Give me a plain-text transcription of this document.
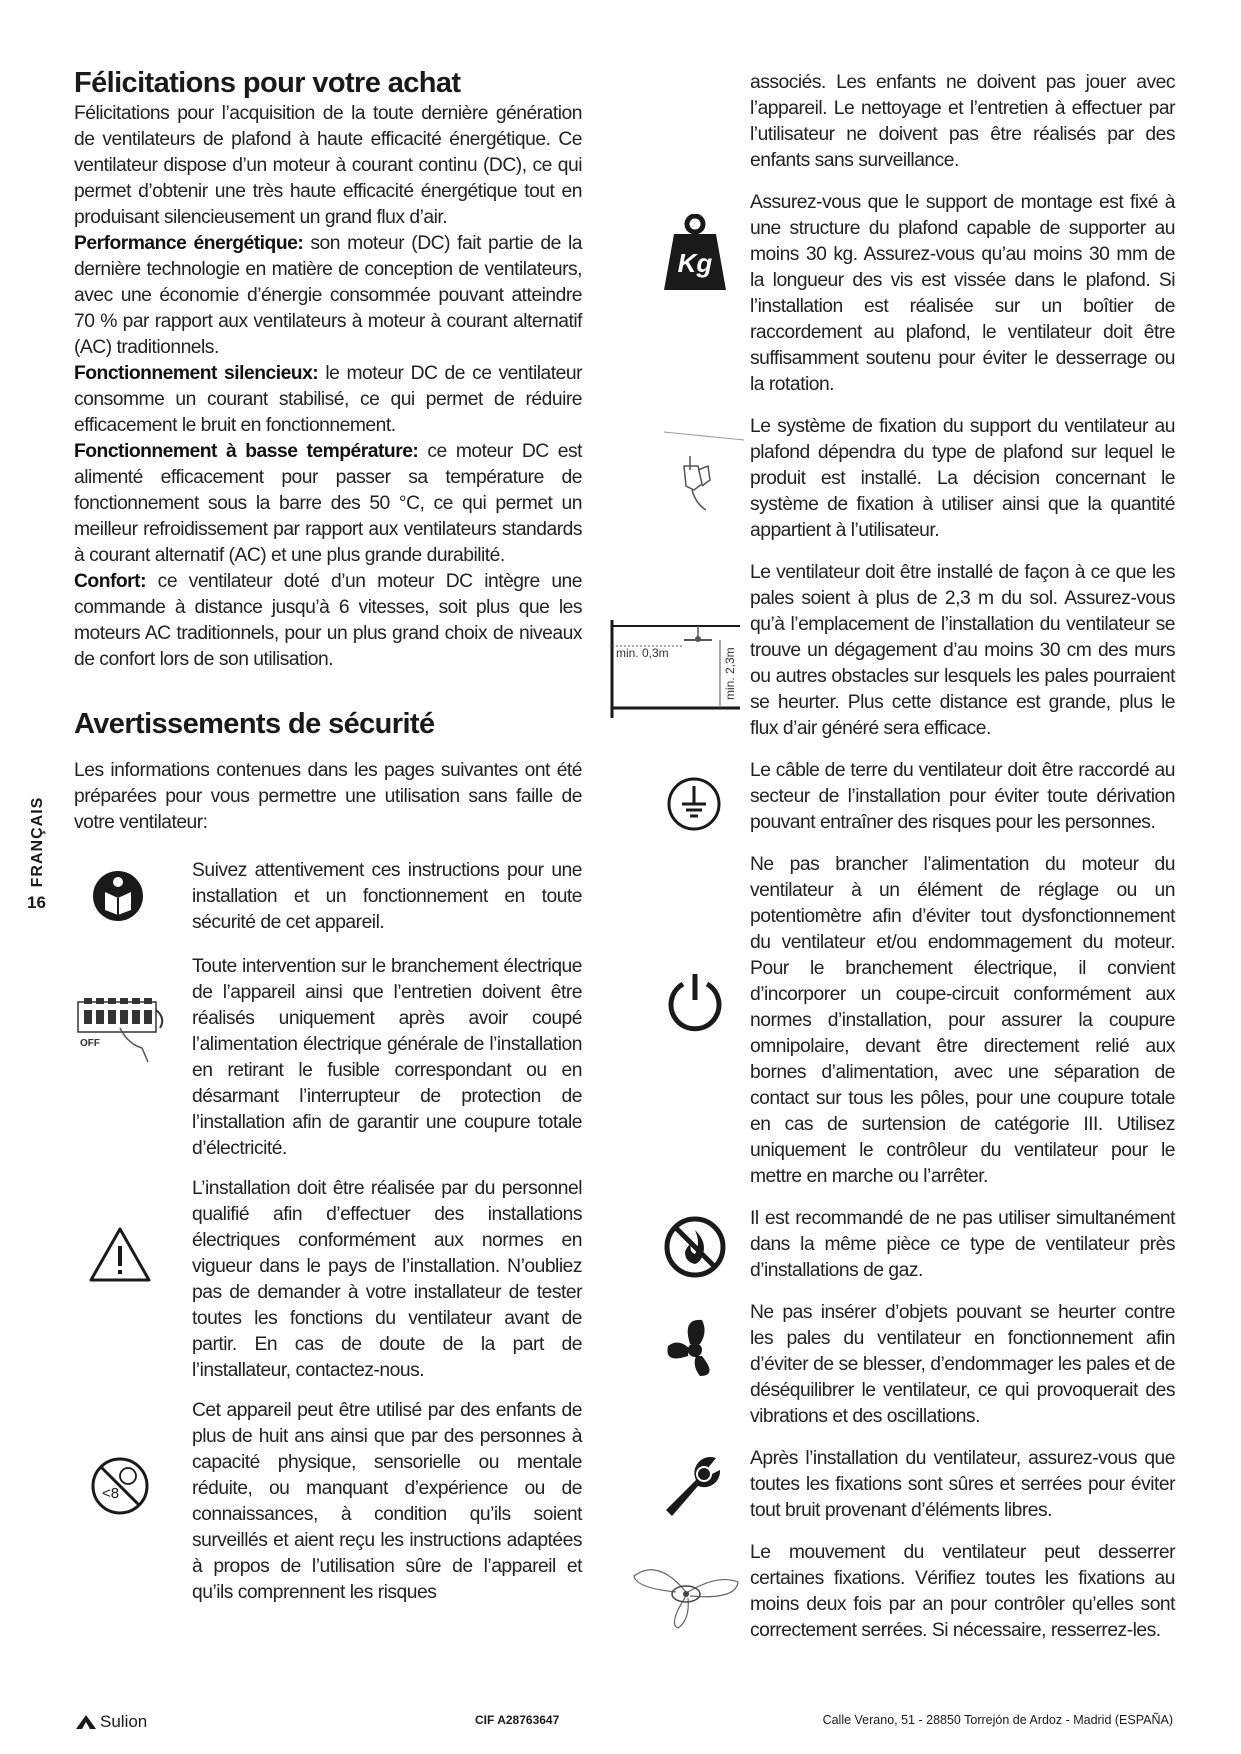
FRANÇAIS
16
Félicitations pour votre achat

Félicitations pour l’acquisition de la toute dernière génération de ventilateurs de plafond à haute efficacité énergétique. Ce ventilateur dispose d’un moteur à courant continu (DC), ce qui permet d’obtenir une très haute efficacité énergétique tout en produisant silencieusement un grand flux d’air.

Performance énergétique: son moteur (DC) fait partie de la dernière technologie en matière de conception de ventilateurs, avec une économie d’énergie consommée pouvant atteindre 70 % par rapport aux ventilateurs à moteur à courant alternatif (AC) traditionnels.

Fonctionnement silencieux: le moteur DC de ce ventilateur consomme un courant stabilisé, ce qui permet de réduire efficacement le bruit en fonctionnement.

Fonctionnement à basse température: ce moteur DC est alimenté efficacement pour passer sa température de fonctionnement sous la barre des 50 °C, ce qui permet un meilleur refroidissement par rapport aux ventilateurs standards à courant alternatif (AC) et une plus grande durabilité.

Confort: ce ventilateur doté d’un moteur DC intègre une commande à distance jusqu’à 6 vitesses, soit plus que les moteurs AC traditionnels, pour un plus grand choix de niveaux de confort lors de son utilisation.

Avertissements de sécurité

Les informations contenues dans les pages suivantes ont été préparées pour vous permettre une utilisation sans faille de votre ventilateur:

Suivez attentivement ces instructions pour une installation et un fonctionnement en toute sécurité de cet appareil.

OFF

Toute intervention sur le branchement électrique de l’appareil ainsi que l’entretien doivent être réalisés uniquement après avoir coupé l’alimentation électrique générale de l’installation en retirant le fusible correspondant ou en désarmant l’interrupteur de protection de l’installation afin de garantir une coupure totale d’électricité.

L’installation doit être réalisée par du personnel qualifié afin d’effectuer des installations électriques conformément aux normes en vigueur dans le pays de l’installation. N’oubliez pas de demander à votre installateur de tester toutes les fonctions du ventilateur avant de partir. En cas de doute de la part de l’installateur, contactez-nous.

<8

Cet appareil peut être utilisé par des enfants de plus de huit ans ainsi que par des personnes à capacité physique, sensorielle ou mentale réduite, ou manquant d’expérience ou de connaissances, à condition qu’ils soient surveillés et aient reçu les instructions adaptées à propos de l’utilisation sûre de l’appareil et qu’ils comprennent les risques

associés. Les enfants ne doivent pas jouer avec l’appareil. Le nettoyage et l’entretien à effectuer par l’utilisateur ne doivent pas être réalisés par des enfants sans surveillance.

Kg

Assurez-vous que le support de montage est fixé à une structure du plafond capable de supporter au moins 30 kg. Assurez-vous qu’au moins 30 mm de la longueur des vis est vissée dans le plafond. Si l’installation est réalisée sur un boîtier de raccordement au plafond, le ventilateur doit être suffisamment soutenu pour éviter le desserrage ou la rotation.

Le système de fixation du support du ventilateur au plafond dépendra du type de plafond sur lequel le produit est installé. La décision concernant le système de fixation à utiliser ainsi que la quantité appartient à l’utilisateur.

min. 0,3m	min. 2,3m

Le ventilateur doit être installé de façon à ce que les pales soient à plus de 2,3 m du sol. Assurez-vous qu’à l’emplacement de l’installation du ventilateur se trouve un dégagement d’au moins 30 cm des murs ou autres obstacles sur lesquels les pales pourraient se heurter. Plus cette distance est grande, plus le flux d’air généré sera efficace.

Le câble de terre du ventilateur doit être raccordé au secteur de l’installation pour éviter toute dérivation pouvant entraîner des risques pour les personnes.

Ne pas brancher l’alimentation du moteur du ventilateur à un élément de réglage ou un potentiomètre afin d’éviter tout dysfonctionnement du ventilateur et/ou endommagement du moteur. Pour le branchement électrique, il convient d’incorporer un coupe-circuit conformément aux normes d’installation, pour assurer la coupure omnipolaire, devant être directement relié aux bornes d’alimentation, avec une séparation de contact sur tous les pôles, pour une coupure totale en cas de surtension de catégorie III. Utilisez uniquement le contrôleur du ventilateur pour le mettre en marche ou l’arrêter.

Il est recommandé de ne pas utiliser simultanément dans la même pièce ce type de ventilateur près d’installations de gaz.

Ne pas insérer d’objets pouvant se heurter contre les pales du ventilateur en fonctionnement afin d’éviter de se blesser, d’endommager les pales et de déséquilibrer le ventilateur, ce qui provoquerait des vibrations et des oscillations.

Après l’installation du ventilateur, assurez-vous que toutes les fixations sont sûres et serrées pour éviter tout bruit provenant d’éléments libres.

Le mouvement du ventilateur peut desserrer certaines fixations. Vérifiez toutes les fixations au moins deux fois par an pour contrôler qu’elles sont correctement serrées. Si nécessaire, resserrez-les.

Sulion	CIF A28763647	Calle Verano, 51 - 28850 Torrejón de Ardoz - Madrid (ESPAÑA)
